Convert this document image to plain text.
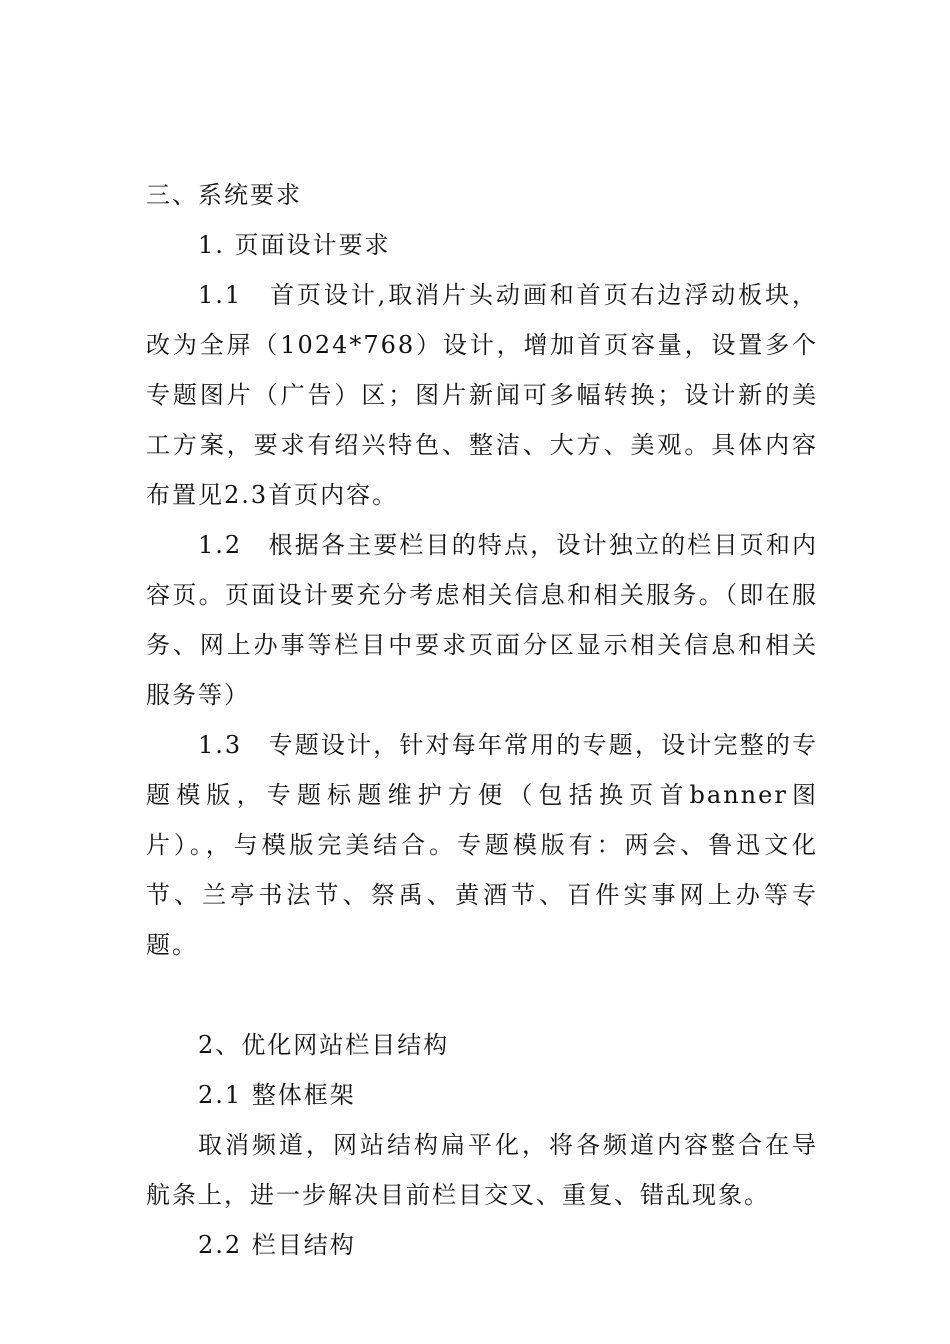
三、系统要求
1. 页面设计要求

1.1　首页设计,取消片头动画和首页右边浮动板块，改为全屏（1024*768）设计，增加首页容量，设置多个专题图片（广告）区；图片新闻可多幅转换；设计新的美工方案，要求有绍兴特色、整洁、大方、美观。具体内容布置见2.3首页内容。

1.2　根据各主要栏目的特点，设计独立的栏目页和内容页。页面设计要充分考虑相关信息和相关服务。（即在服务、网上办事等栏目中要求页面分区显示相关信息和相关服务等）

1.3　专题设计，针对每年常用的专题，设计完整的专题模版，专题标题维护方便（包括换页首banner图片）。，与模版完美结合。专题模版有：两会、鲁迅文化节、兰亭书法节、祭禹、黄酒节、百件实事网上办等专题。

2、优化网站栏目结构
2.1 整体框架

取消频道，网站结构扁平化，将各频道内容整合在导航条上，进一步解决目前栏目交叉、重复、错乱现象。

2.2 栏目结构
